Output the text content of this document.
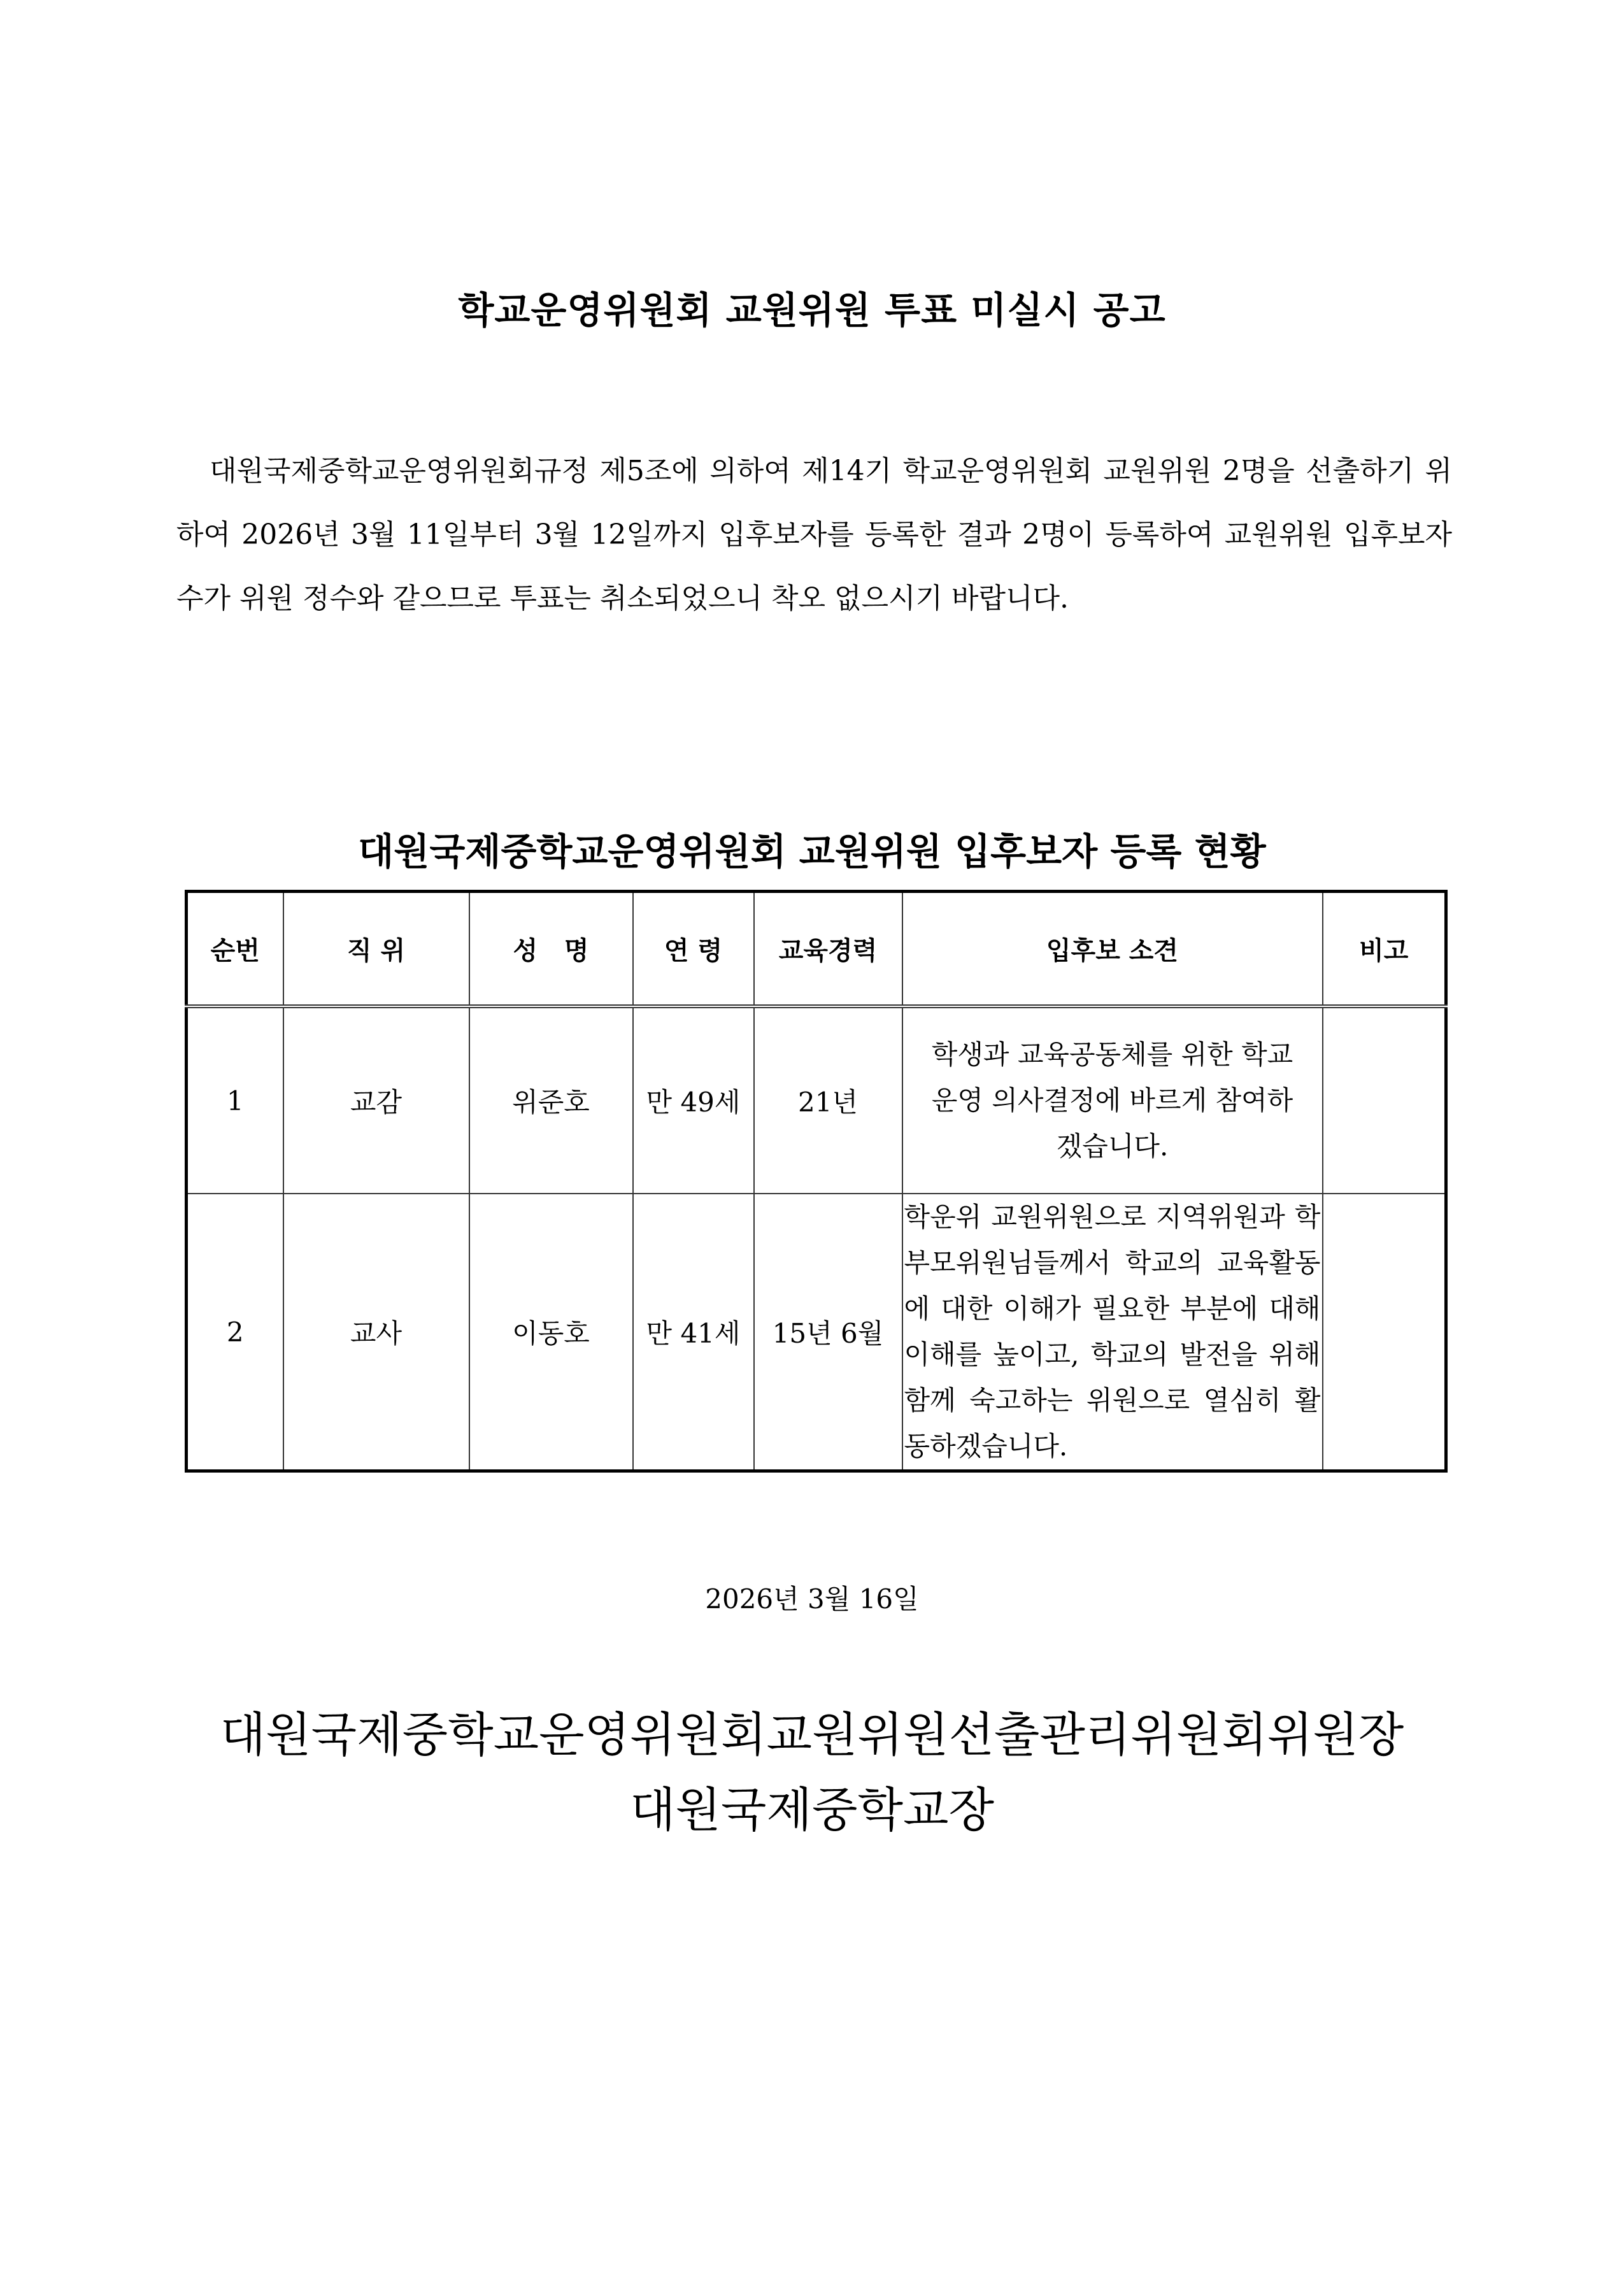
학교운영위원회 교원위원 투표 미실시 공고

대원국제중학교운영위원회규정 제5조에 의하여 제14기 학교운영위원회 교원위원 2명을 선출하기 위하여 2026년 3월 11일부터 3월 12일까지 입후보자를 등록한 결과 2명이 등록하여 교원위원 입후보자 수가 위원 정수와 같으므로 투표는 취소되었으니 착오 없으시기 바랍니다.

대원국제중학교운영위원회 교원위원 입후보자 등록 현황
순번	직 위	성   명	연 령	교육경력	입후보 소견	비고
1	교감	위준호	만 49세	21년	학생과 교육공동체를 위한 학교 운영 의사결정에 바르게 참여하겠습니다.	

2	교사	이동호	만 41세	15년 6월	학운위 교원위원으로 지역위원과 학부모위원님들께서 학교의 교육활동에 대한 이해가 필요한 부분에 대해 이해를 높이고, 학교의 발전을 위해 함께 숙고하는 위원으로 열심히 활동하겠습니다.	

2026년 3월 16일
대원국제중학교운영위원회교원위원선출관리위원회위원장
대원국제중학교장
